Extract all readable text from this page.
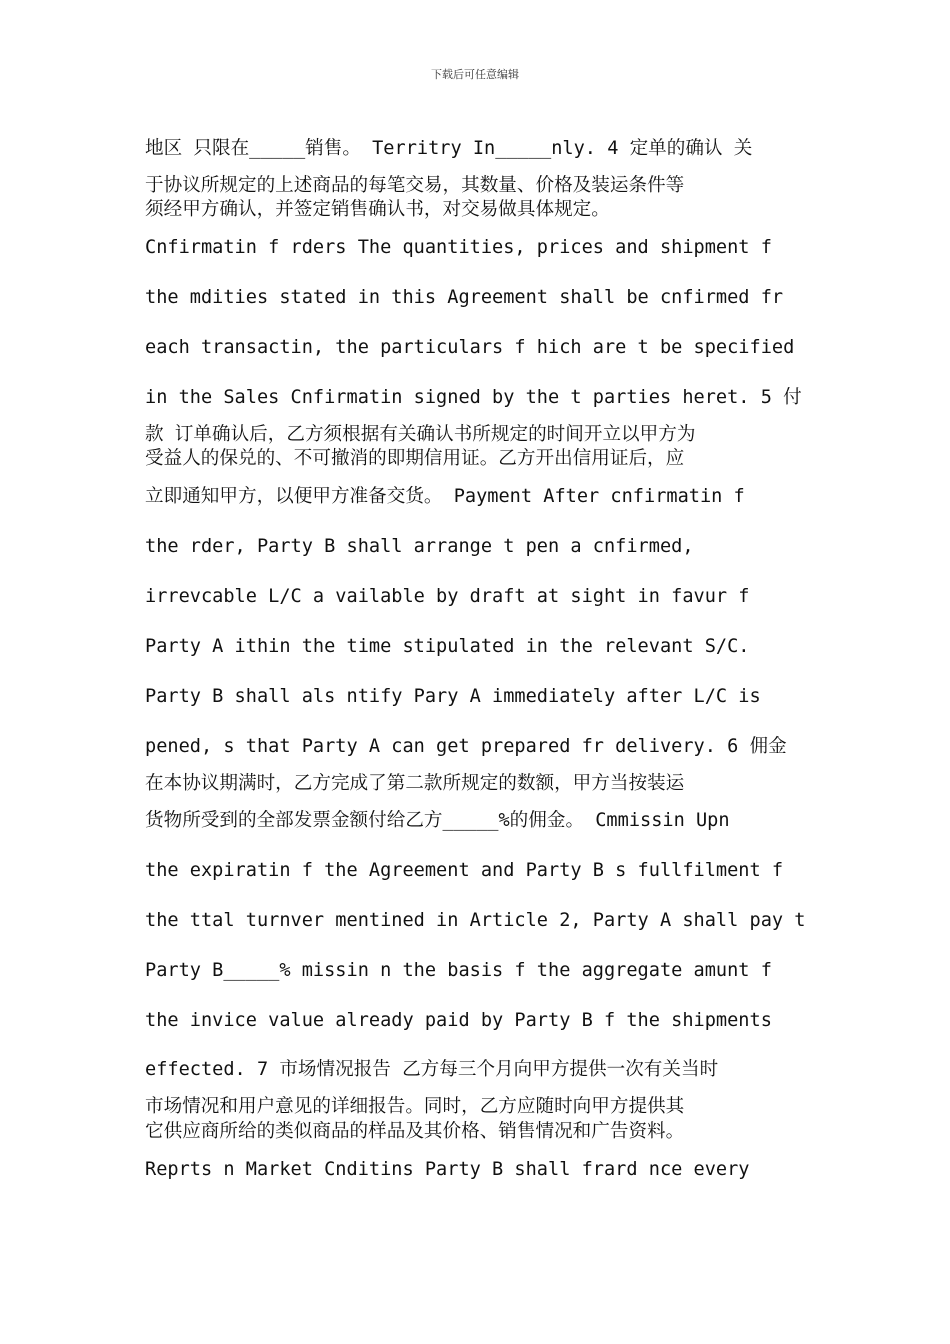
下载后可任意编辑
地区 只限在_____销售。 Territry In_____nly. 4 定单的确认 关
于协议所规定的上述商品的每笔交易，其数量、价格及装运条件等
须经甲方确认，并签定销售确认书，对交易做具体规定。
Cnfirmatin f rders The quantities, prices and shipment f
the mdities stated in this Agreement shall be cnfirmed fr
each transactin, the particulars f hich are t be specified
in the Sales Cnfirmatin signed by the t parties heret. 5 付
款 订单确认后，乙方须根据有关确认书所规定的时间开立以甲方为
受益人的保兑的、不可撤消的即期信用证。乙方开出信用证后，应
立即通知甲方，以便甲方准备交货。 Payment After cnfirmatin f
the rder, Party B shall arrange t pen a cnfirmed,
irrevcable L/C a vailable by draft at sight in favur f
Party A ithin the time stipulated in the relevant S/C.
Party B shall als ntify Pary A immediately after L/C is
pened, s that Party A can get prepared fr delivery. 6 佣金
在本协议期满时，乙方完成了第二款所规定的数额，甲方当按装运
货物所受到的全部发票金额付给乙方_____%的佣金。 Cmmissin Upn
the expiratin f the Agreement and Party B s fullfilment f
the ttal turnver mentined in Article 2, Party A shall pay t
Party B_____% missin n the basis f the aggregate amunt f
the invice value already paid by Party B f the shipments
effected. 7 市场情况报告 乙方每三个月向甲方提供一次有关当时
市场情况和用户意见的详细报告。同时，乙方应随时向甲方提供其
它供应商所给的类似商品的样品及其价格、销售情况和广告资料。
Reprts n Market Cnditins Party B shall frard nce every
